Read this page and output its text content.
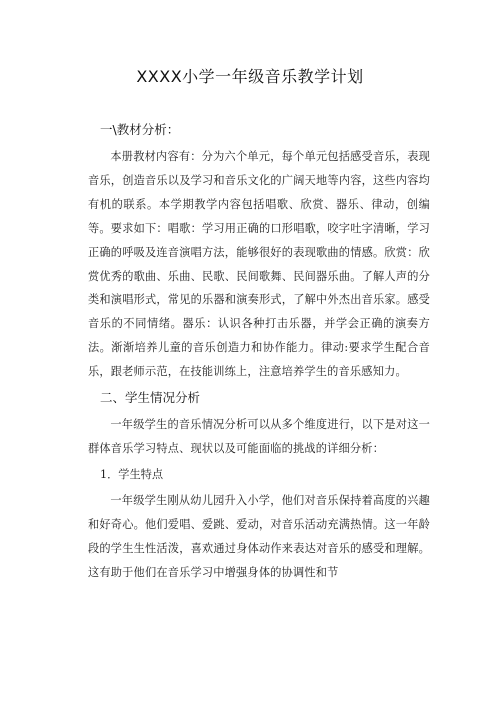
XXXX小学一年级音乐教学计划
一\教材分析：

本册教材内容有：分为六个单元，每个单元包括感受音乐，表现音乐，创造音乐以及学习和音乐文化的广阔天地等内容，这些内容均有机的联系。本学期教学内容包括唱歌、欣赏、器乐、律动，创编等。要求如下：唱歌：学习用正确的口形唱歌，咬字吐字清晰，学习正确的呼吸及连音演唱方法，能够很好的表现歌曲的情感。欣赏：欣赏优秀的歌曲、乐曲、民歌、民间歌舞、民间器乐曲。了解人声的分类和演唱形式，常见的乐器和演奏形式，了解中外杰出音乐家。感受音乐的不同情绪。器乐：认识各种打击乐器，并学会正确的演奏方法。渐渐培养儿童的音乐创造力和协作能力。律动:要求学生配合音乐，跟老师示范，在技能训练上，注意培养学生的音乐感知力。

二、学生情况分析

一年级学生的音乐情况分析可以从多个维度进行，以下是对这一群体音乐学习特点、现状以及可能面临的挑战的详细分析：

1．学生特点

一年级学生刚从幼儿园升入小学，他们对音乐保持着高度的兴趣和好奇心。他们爱唱、爱跳、爱动，对音乐活动充满热情。这一年龄段的学生生性活泼，喜欢通过身体动作来表达对音乐的感受和理解。这有助于他们在音乐学习中增强身体的协调性和节
